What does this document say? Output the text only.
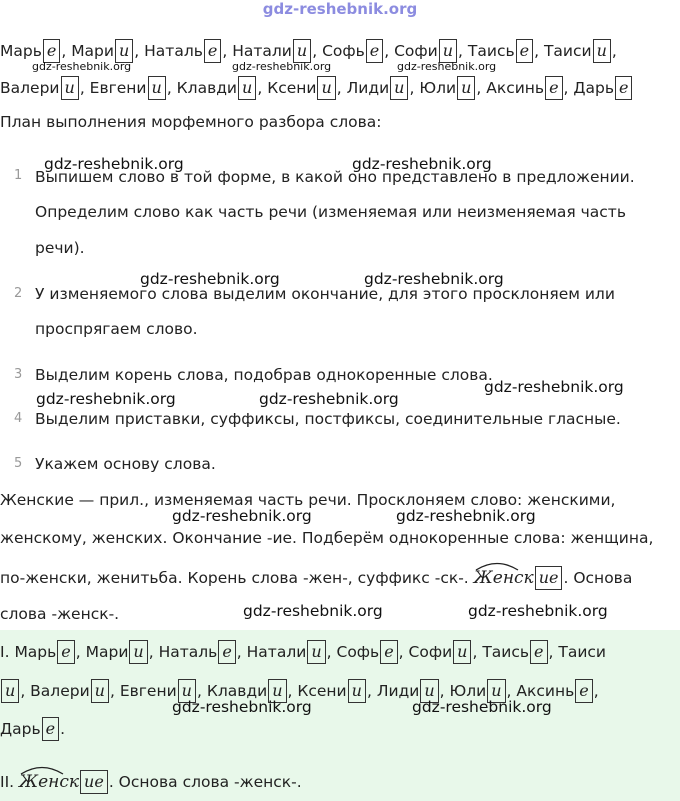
gdz-reshebnik.org
Марь е , Мари и , Наталь е , Натали и , Софь е , Софи и , Таись е , Таиси и ,
Валери и , Евгени и , Клавди и , Ксени и , Лиди и , Юли и , Аксинь е , Дарь е
gdz-reshebnik.org	gdz-reshebnik.org	gdz-reshebnik.org
План выполнения морфемного разбора слова:
gdz-reshebnik.org	gdz-reshebnik.org
1 Выпишем слово в той форме, в какой оно представлено в предложении.
Определим слово как часть речи (изменяемая или неизменяемая часть
речи).
gdz-reshebnik.org	gdz-reshebnik.org
2 У изменяемого слова выделим окончание, для этого просклоняем или
проспрягаем слово.
3 Выделим корень слова, подобрав однокоренные слова.
gdz-reshebnik.org
gdz-reshebnik.org	gdz-reshebnik.org
4 Выделим приставки, суффиксы, постфиксы, соединительные гласные.
5 Укажем основу слова.
Женские — прил., изменяемая часть речи. Просклоняем слово: женскими,
gdz-reshebnik.org	gdz-reshebnik.org
женскому, женских. Окончание -ие. Подберём однокоренные слова: женщина,
по-женски, женитьба. Корень слова -жен-, суффикс -ск-. Женск ие . Основа
gdz-reshebnik.org	gdz-reshebnik.org
слова -женск-.
I. Марь е , Мари и , Наталь е , Натали и , Софь е , Софи и , Таись е , Таиси
и , Валери и , Евгени и , Клавди и , Ксени и , Лиди и , Юли и , Аксинь е ,
gdz-reshebnik.org	gdz-reshebnik.org
Дарь е .
II. Женск ие . Основа слова -женск-.
